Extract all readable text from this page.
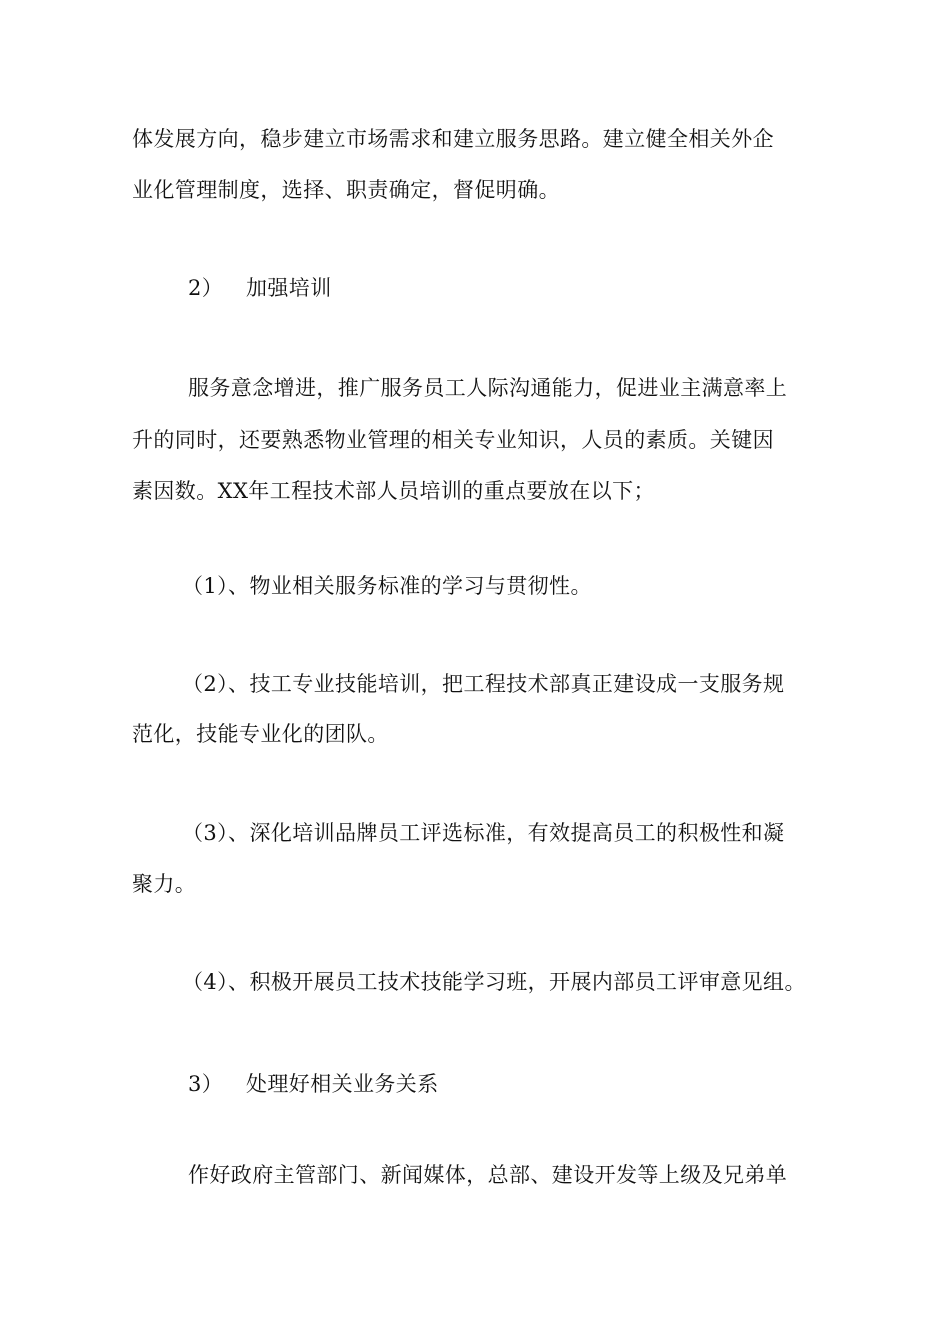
体发展方向，稳步建立市场需求和建立服务思路。建立健全相关外企

业化管理制度，选择、职责确定，督促明确。

2） 加强培训

服务意念增进，推广服务员工人际沟通能力，促进业主满意率上

升的同时，还要熟悉物业管理的相关专业知识，人员的素质。关键因

素因数。XX年工程技术部人员培训的重点要放在以下；

（1）、物业相关服务标准的学习与贯彻性。

（2）、技工专业技能培训，把工程技术部真正建设成一支服务规

范化，技能专业化的团队。

（3）、深化培训品牌员工评选标准，有效提高员工的积极性和凝

聚力。

（4）、积极开展员工技术技能学习班，开展内部员工评审意见组。

3） 处理好相关业务关系

作好政府主管部门、新闻媒体，总部、建设开发等上级及兄弟单
